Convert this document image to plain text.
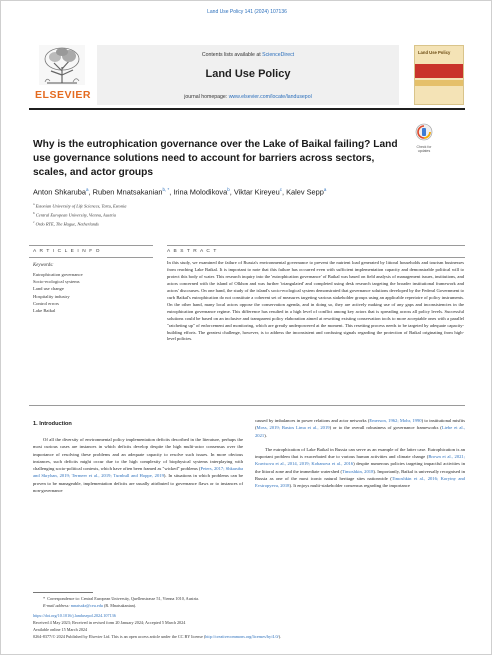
Land Use Policy 141 (2024) 107136
ELSEVIER
Contents lists available at ScienceDirect
Land Use Policy
journal homepage: www.elsevier.com/locate/landusepol
Land Use Policy
Why is the eutrophication governance over the Lake of Baikal failing? Land use governance solutions need to account for barriers across sectors, scales, and actor groups
Check for updates
Anton Shkaruba$^a$, Ruben Mnatsakanian$^{b, *}$, Irina Molodikova$^b$, Viktar Kireyeu$^c$, Kalev Sepp$^a$
$^a$ Estonian University of Life Sciences, Tartu, Estonia
$^b$ Central European University, Vienna, Austria
$^c$ Ordo RTE, The Hague, Netherlands
A R T I C L E I N F O	A B S T R A C T
Keywords:
Eutrophication governance
Socio-ecological systems
Land use change
Hospitality industry
Control errors
Lake Baikal
In this study, we examined the failure of Russia's environmental governance to prevent the nutrient load generated by littoral households and tourism businesses from reaching Lake Baikal. It is important to note that this failure has occurred even with sufficient implementation capacity and demonstrable political will to protect this body of water. This research inquiry into the 'eutrophication governance' of Baikal was based on field analysis of management issues, institutions, and actors concerned with the island of Olkhon and was further 'triangulated' and completed using desk research targeting the broader institutional framework and actors' discourses. On one hand, the study of the island's socio-ecological system demonstrated that governance solutions developed by the Federal Government to curb Baikal's eutrophication do not constitute a coherent set of measures targeting various stakeholder groups using an applicable repertoire of policy instruments. On the other hand, many local actors oppose the conservation agenda, and in doing so, they are actively making use of any gaps and inconsistencies in the eutrophication governance regime. This difference has resulted in a high level of conflict among key actors that is spreading across all policy levels. Successful solutions could be based on an inclusive and transparent policy elaboration aimed at rewriting existing conservation tools to more acceptable ones with a parallel "ratcheting up" of enforcement and monitoring, which are greatly underpowered at the moment. This resetting process needs to be targeted by adequate capacity-building efforts. The greatest challenge, however, is to address the inconsistent and confusing signals regarding the protection of Baikal originating from high-level policies.
1. Introduction
Of all the diversity of environmental policy implementation deficits described in the literature, perhaps the most curious cases are instances in which deficits develop despite the high multi-actor consensus over the importance of resolving these problems and an adequate capacity to resolve such issues. In more obvious instances, such deficits might occur due to the high complexity of biophysical systems interplaying with challenging socio-political contexts, which have often been framed as "wicked" problems (Peters, 2017; Shkaruba and Skryhan, 2019; Termeer et al., 2019; Turnbull and Hoppe, 2019). In situations in which problems can be proven to be manageable, implementation deficits are usually attributed to governance flaws or to instances of non-governance

caused by imbalances in power relations and actor networks (Emerson, 1962; Mohr, 1990) to institutional misfits (Moss, 2019; Bastos Lima et al., 2019) or to the overall robustness of governance frameworks (Liebe et al., 2021).

The eutrophication of Lake Baikal in Russia can serve as an example of the latter case. Eutrophication is an important problem that is exacerbated due to various human activities and climate change (Brown et al., 2021; Kravtsova et al., 2014, 2019; Kobanova et al., 2016) despite numerous policies targeting impactful activities in the littoral zone and the immediate watershed (Timoshkin, 2018). Importantly, Baikal is universally recognised in Russia as one of the most iconic natural heritage sites nationwide (Timoshkin et al., 2016; Korytny and Evstropyeva, 2018). It enjoys multi-stakeholder consensus regarding the importance

* Correspondence to: Central European University, Quellenstrasse 51, Vienna 1010, Austria.
E-mail address: mnatsakr@ceu.edu (R. Mnatsakanian).
https://doi.org/10.1016/j.landusepol.2024.107136
Received 4 May 2023; Received in revised form 20 January 2024; Accepted 5 March 2024
Available online 15 March 2024
0264-8377/© 2024 Published by Elsevier Ltd. This is an open access article under the CC BY license (http://creativecommons.org/licenses/by/4.0/).
